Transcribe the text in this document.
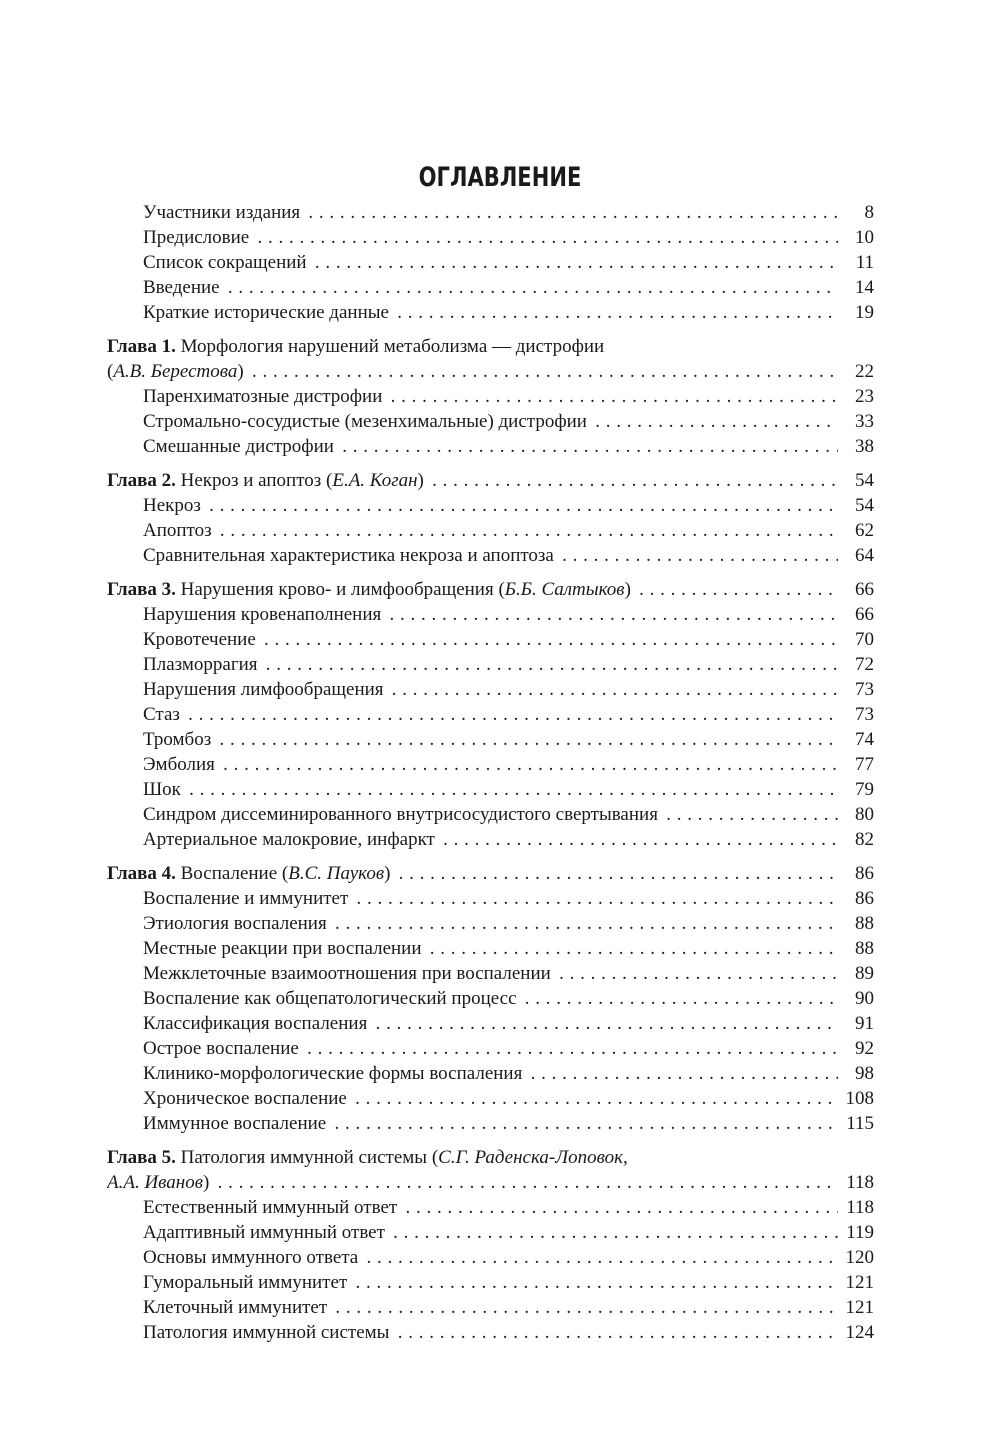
ОГЛАВЛЕНИЕ
Участники издания . . .	8
Предисловие . . .	10
Список сокращений . . .	11
Введение . . .	14
Краткие исторические данные . . .	19
Глава 1. Морфология нарушений метаболизма — дистрофии
(А.В. Берестова) . . .	22
Паренхиматозные дистрофии . . .	23
Стромально-сосудистые (мезенхимальные) дистрофии . . .	33
Смешанные дистрофии . . .	38
Глава 2. Некроз и апоптоз (Е.А. Коган) . . .	54
Некроз . . .	54
Апоптоз . . .	62
Сравнительная характеристика некроза и апоптоза . . .	64
Глава 3. Нарушения крово- и лимфообращения (Б.Б. Салтыков) . . .	66
Нарушения кровенаполнения . . .	66
Кровотечение . . .	70
Плазморрагия . . .	72
Нарушения лимфообращения . . .	73
Стаз . . .	73
Тромбоз . . .	74
Эмболия . . .	77
Шок . . .	79
Синдром диссеминированного внутрисосудистого свертывания . . .	80
Артериальное малокровие, инфаркт . . .	82
Глава 4. Воспаление (В.С. Пауков) . . .	86
Воспаление и иммунитет . . .	86
Этиология воспаления . . .	88
Местные реакции при воспалении . . .	88
Межклеточные взаимоотношения при воспалении . . .	89
Воспаление как общепатологический процесс . . .	90
Классификация воспаления . . .	91
Острое воспаление . . .	92
Клинико-морфологические формы воспаления . . .	98
Хроническое воспаление . . .	108
Иммунное воспаление . . .	115
Глава 5. Патология иммунной системы (С.Г. Раденска-Лоповок,
А.А. Иванов) . . .	118
Естественный иммунный ответ . . .	118
Адаптивный иммунный ответ . . .	119
Основы иммунного ответа . . .	120
Гуморальный иммунитет . . .	121
Клеточный иммунитет . . .	121
Патология иммунной системы . . .	124
